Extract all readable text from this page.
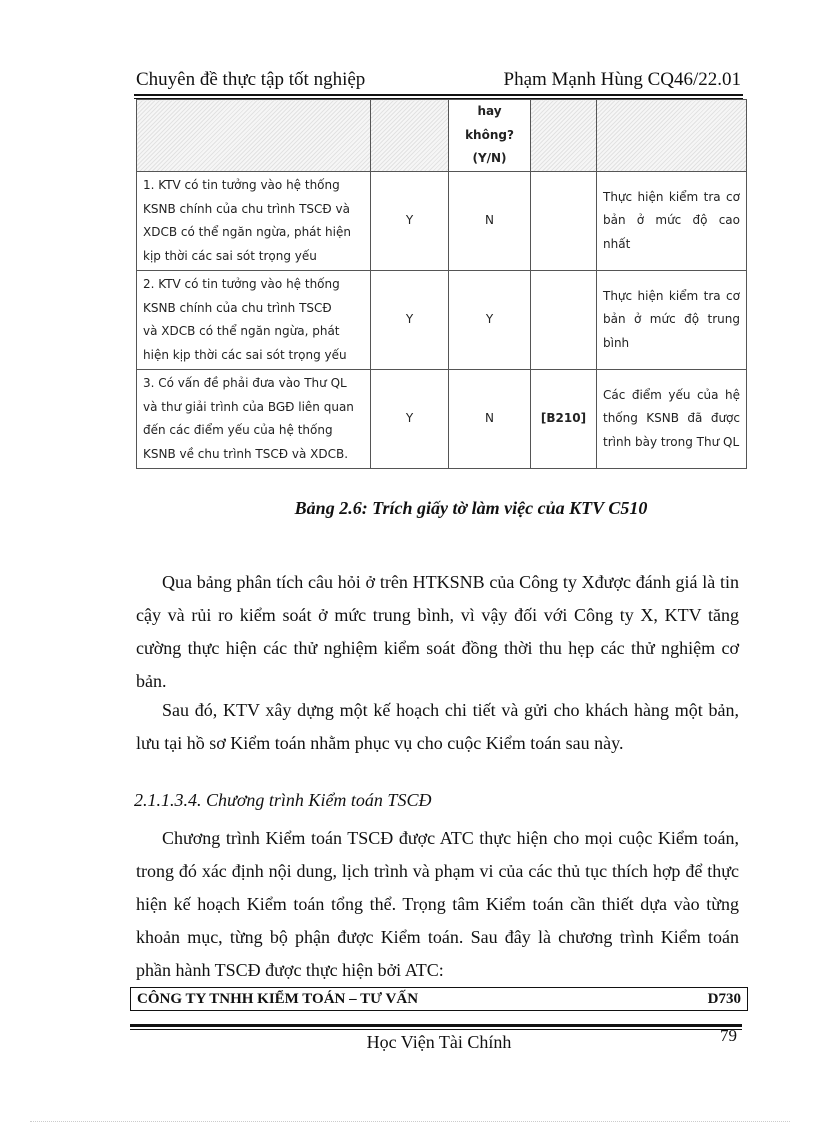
Chuyên đề thực tập tốt nghiệp	Phạm Mạnh Hùng CQ46/22.01

		hay
không?
(Y/N)		

1. KTV có tin tưởng vào hệ thống
KSNB chính của chu trình TSCĐ và
XDCB có thể ngăn ngừa, phát hiện
kịp thời các sai sót trọng yếu	Y	N		Thực hiện kiểm tra cơ bản ở mức độ cao nhất

2. KTV có tin tưởng vào hệ thống
KSNB chính của chu trình TSCĐ
và XDCB có thể ngăn ngừa, phát
hiện kịp thời các sai sót trọng yếu	Y	Y		Thực hiện kiểm tra cơ bản ở mức độ trung bình

3. Có vấn đề phải đưa vào Thư QL
và thư giải trình của BGĐ liên quan
đến các điểm yếu của hệ thống
KSNB về chu trình TSCĐ và XDCB.	Y	N	[B210]	Các điểm yếu của hệ thống KSNB đã được trình bày trong Thư QL
Bảng 2.6: Trích giấy tờ làm việc của KTV C510
Qua bảng phân tích câu hỏi ở trên HTKSNB của Công ty Xđược đánh giá là tin cậy và rủi ro kiểm soát ở mức trung bình, vì vậy đối với Công ty X, KTV tăng cường thực hiện các thử nghiệm kiểm soát đồng thời thu hẹp các thử nghiệm cơ bản.
Sau đó, KTV xây dựng một kế hoạch chi tiết và gửi cho khách hàng một bản, lưu tại hồ sơ Kiểm toán nhằm phục vụ cho cuộc Kiểm toán sau này.
2.1.1.3.4. Chương trình Kiểm toán TSCĐ
Chương trình Kiểm toán TSCĐ được ATC thực hiện cho mọi cuộc Kiểm toán, trong đó xác định nội dung, lịch trình và phạm vi của các thủ tục thích hợp để thực hiện kế hoạch Kiểm toán tổng thể. Trọng tâm Kiểm toán cần thiết dựa vào từng khoản mục, từng bộ phận được Kiểm toán. Sau đây là chương trình Kiểm toán phần hành TSCĐ được thực hiện bởi ATC:
CÔNG TY TNHH KIỂM TOÁN – TƯ VẤN	D730
79
Học Viện Tài Chính
